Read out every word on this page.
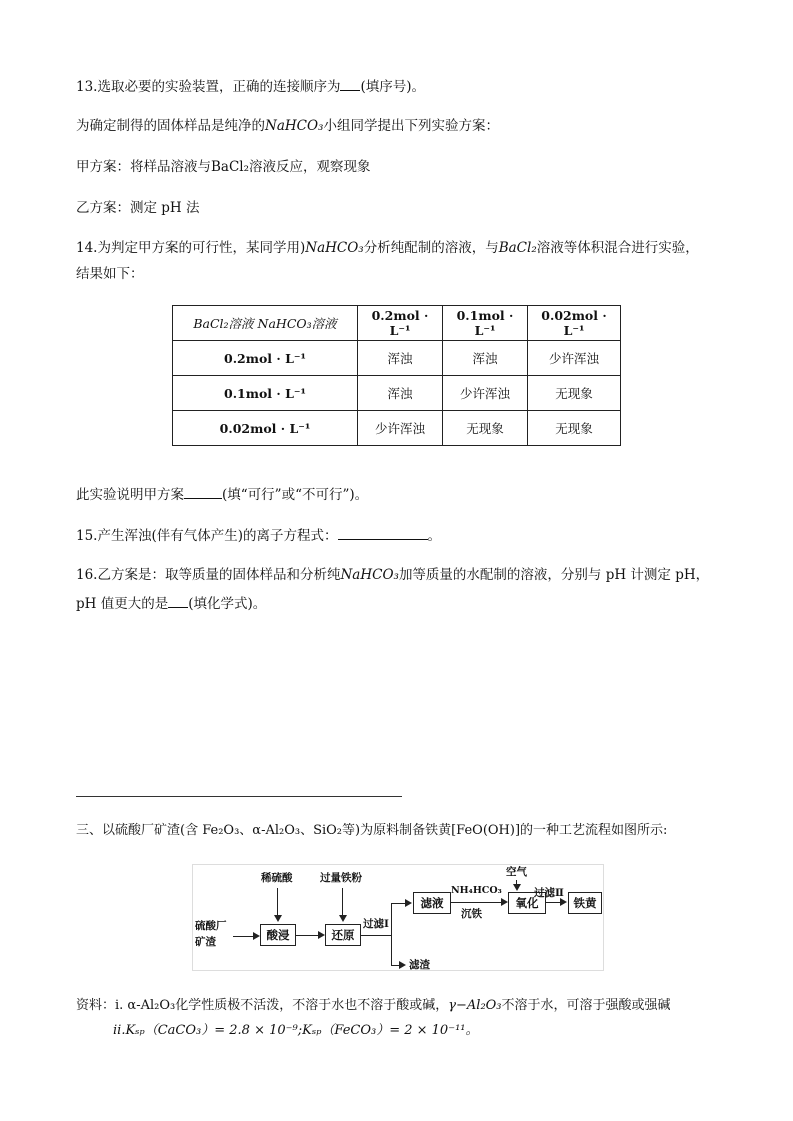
13.选取必要的实验装置，正确的连接顺序为 (填序号)。
为确定制得的固体样品是纯净的NaHCO₃小组同学提出下列实验方案：
甲方案：将样品溶液与BaCl₂溶液反应，观察现象
乙方案：测定 pH 法
14.为判定甲方案的可行性，某同学用)NaHCO₃分析纯配制的溶液，与BaCl₂溶液等体积混合进行实验，
结果如下：
BaCl₂溶液 NaHCO₃溶液	0.2mol · L⁻¹	0.1mol · L⁻¹	0.02mol · L⁻¹
0.2mol · L⁻¹	浑浊	浑浊	少许浑浊
0.1mol · L⁻¹	浑浊	少许浑浊	无现象
0.02mol · L⁻¹	少许浑浊	无现象	无现象
此实验说明甲方案	(填“可行”或“不可行”)。
15.产生浑浊(伴有气体产生)的离子方程式：	。
16.乙方案是：取等质量的固体样品和分析纯NaHCO₃加等质量的水配制的溶液，分别与 pH 计测定 pH，
pH 值更大的是 (填化学式)。
三、以硫酸厂矿渣(含 Fe₂O₃、α-Al₂O₃、SiO₂等)为原料制备铁黄[FeO(OH)]的一种工艺流程如图所示:
硫酸厂
矿渣
稀硫酸
酸浸
过量铁粉
还原
过滤Ⅰ
滤渣
滤液
NH₄HCO₃
沉铁
空气
氧化
过滤Ⅱ
铁黄
资料：i. α-Al₂O₃化学性质极不活泼，不溶于水也不溶于酸或碱，γ−Al₂O₃不溶于水，可溶于强酸或强碱
ii.Kₛₚ（CaCO₃）= 2.8 × 10⁻⁹;Kₛₚ（FeCO₃）= 2 × 10⁻¹¹。
